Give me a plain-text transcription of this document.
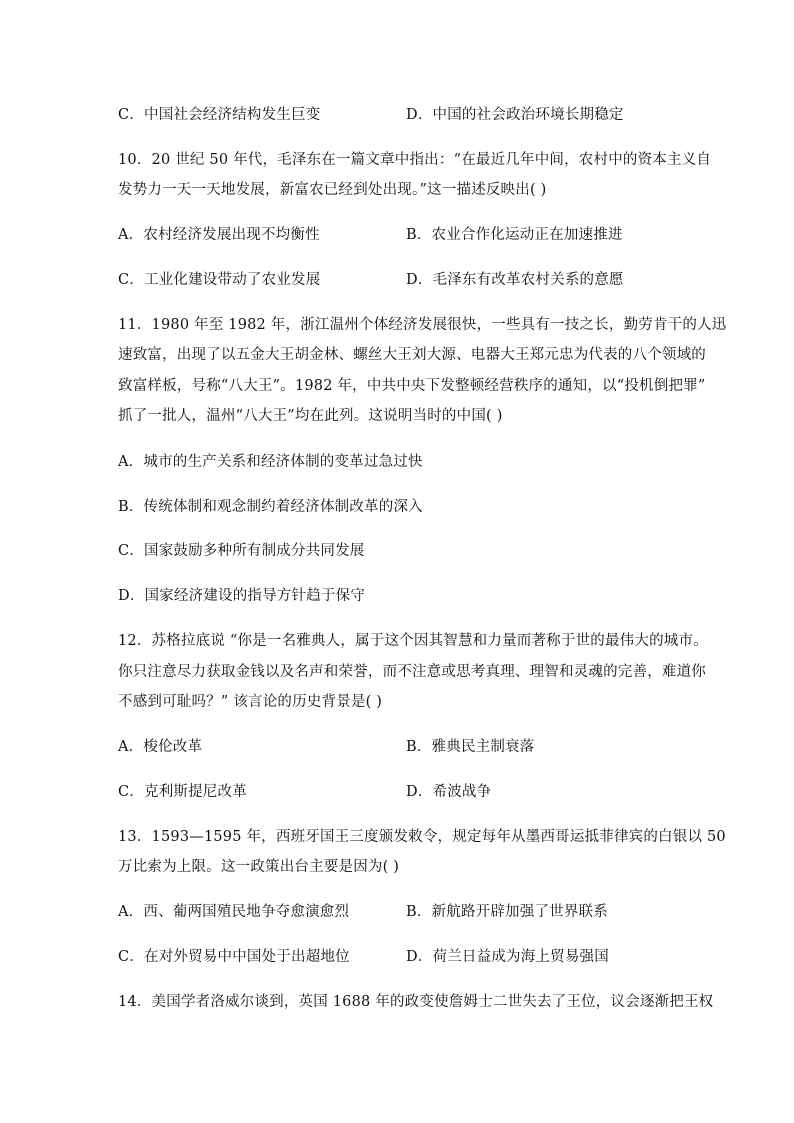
C．中国社会经济结构发生巨变	D．中国的社会政治环境长期稳定
10．20 世纪 50 年代，毛泽东在一篇文章中指出：“在最近几年中间，农村中的资本主义自
发势力一天一天地发展，新富农已经到处出现。”这一描述反映出( )
A．农村经济发展出现不均衡性	B．农业合作化运动正在加速推进
C．工业化建设带动了农业发展	D．毛泽东有改革农村关系的意愿
11．1980 年至 1982 年，浙江温州个体经济发展很快，一些具有一技之长，勤劳肯干的人迅
速致富，出现了以五金大王胡金林、螺丝大王刘大源、电器大王郑元忠为代表的八个领域的
致富样板，号称“八大王”。1982 年，中共中央下发整顿经营秩序的通知，以“投机倒把罪”
抓了一批人，温州“八大王”均在此列。这说明当时的中国( )
A．城市的生产关系和经济体制的变革过急过快
B．传统体制和观念制约着经济体制改革的深入
C．国家鼓励多种所有制成分共同发展
D．国家经济建设的指导方针趋于保守
12．苏格拉底说 “你是一名雅典人，属于这个因其智慧和力量而著称于世的最伟大的城市。
你只注意尽力获取金钱以及名声和荣誉，而不注意或思考真理、理智和灵魂的完善，难道你
不感到可耻吗？” 该言论的历史背景是( )
A．梭伦改革	B．雅典民主制衰落
C．克利斯提尼改革	D．希波战争
13．1593—1595 年，西班牙国王三度颁发敕令，规定每年从墨西哥运抵菲律宾的白银以 50
万比索为上限。这一政策出台主要是因为( )
A．西、葡两国殖民地争夺愈演愈烈	B．新航路开辟加强了世界联系
C．在对外贸易中中国处于出超地位	D．荷兰日益成为海上贸易强国
14．美国学者洛威尔谈到，英国 1688 年的政变使詹姆士二世失去了王位，议会逐渐把王权
